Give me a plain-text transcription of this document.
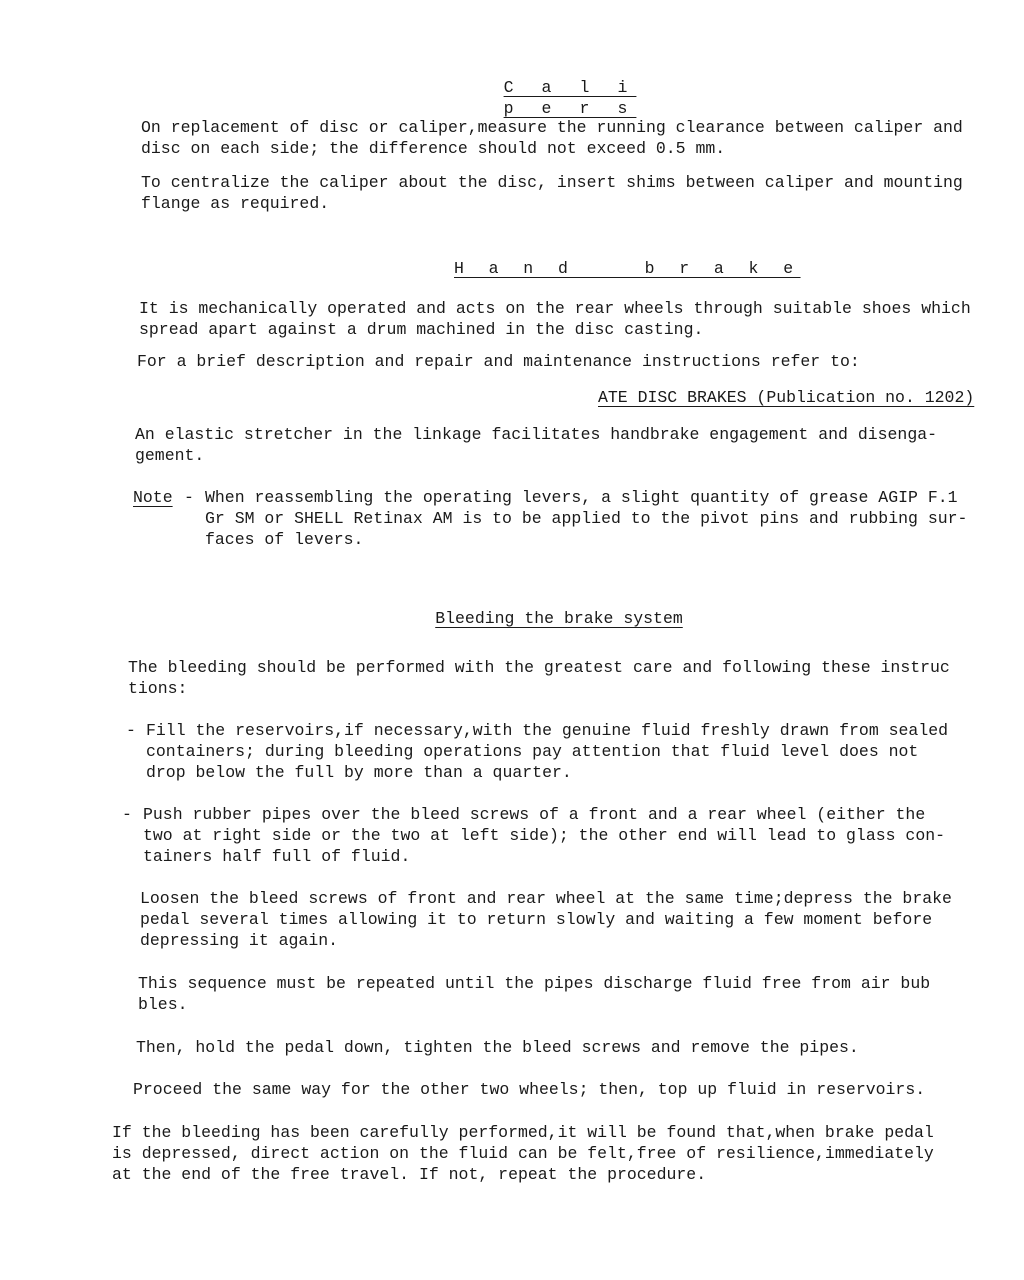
C a l i p e r s
On replacement of disc or caliper,measure the running clearance between caliper and
disc on each side; the difference should not exceed 0.5 mm.
To centralize the caliper about the disc, insert shims between caliper and mounting
flange as required.
H a n d    b r a k e
It is mechanically operated and acts on the rear wheels through suitable shoes which
spread apart against a drum machined in the disc casting.
For a brief description and repair and maintenance instructions refer to:
ATE DISC BRAKES (Publication no. 1202)
An elastic stretcher in the linkage facilitates handbrake engagement and disenga-
gement.
Note - When reassembling the operating levers, a slight quantity of grease AGIP F.1
Gr SM or SHELL Retinax AM is to be applied to the pivot pins and rubbing sur-
faces of levers.
Bleeding the brake system
The bleeding should be performed with the greatest care and following these instruc
tions:
- Fill the reservoirs,if necessary,with the genuine fluid freshly drawn from sealed
containers; during bleeding operations pay attention that fluid level does not
drop below the full by more than a quarter.
- Push rubber pipes over the bleed screws of a front and a rear wheel (either the
two at right side or the two at left side); the other end will lead to glass con-
tainers half full of fluid.
Loosen the bleed screws of front and rear wheel at the same time;depress the brake
pedal several times allowing it to return slowly and waiting a few moment before
depressing it again.
This sequence must be repeated until the pipes discharge fluid free from air bub
bles.
Then, hold the pedal down, tighten the bleed screws and remove the pipes.
Proceed the same way for the other two wheels; then, top up fluid in reservoirs.
If the bleeding has been carefully performed,it will be found that,when brake pedal
is depressed, direct action on the fluid can be felt,free of resilience,immediately
at the end of the free travel. If not, repeat the procedure.
